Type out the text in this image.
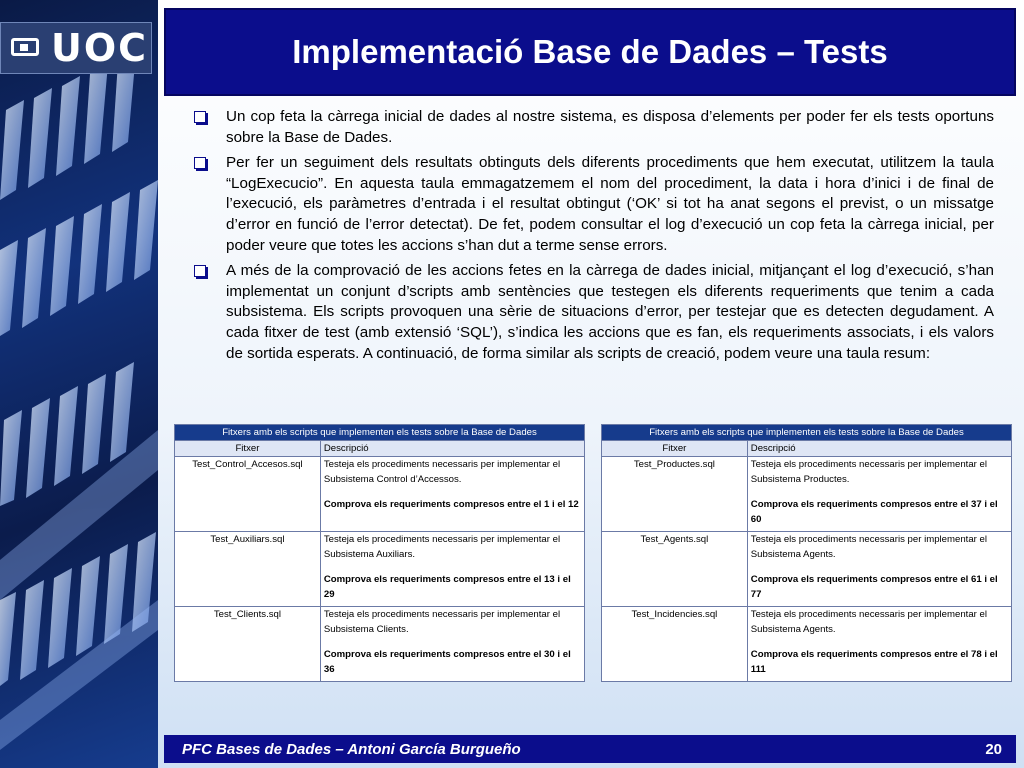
UOC	Implementació Base de Dades – Tests

Un cop feta la càrrega inicial de dades al nostre sistema, es disposa d’elements per poder fer els tests oportuns sobre la Base de Dades.

Per fer un seguiment dels resultats obtinguts dels diferents procediments que hem executat, utilitzem la taula “LogExecucio”. En aquesta taula emmagatzemem el nom del procediment, la data i hora d’inici i de final de l’execució, els paràmetres d’entrada i el resultat obtingut (‘OK’ si tot ha anat segons el previst, o un missatge d’error en funció de l’error detectat). De fet, podem consultar el log d’execució un cop feta la càrrega inicial, per poder veure que totes les accions s’han dut a terme sense errors.

A més de la comprovació de les accions fetes en la càrrega de dades inicial, mitjançant el log d’execució, s’han implementat un conjunt d’scripts amb sentències que testegen els diferents requeriments que tenim a cada subsistema. Els scripts provoquen una sèrie de situacions d’error, per testejar que es detecten degudament. A cada fitxer de test (amb extensió ‘SQL’), s’indica les accions que es fan, els requeriments associats, i els valors de sortida esperats. A continuació, de forma similar als scripts de creació, podem veure una taula resum:

Fitxers amb els scripts que implementen els tests sobre la Base de Dades	
Fitxer	Descripció
Test_Control_Accesos.sql	Testeja els procediments necessaris per implementar el Subsistema Control d’Accessos.
Comprova els requeriments compresos entre el 1 i el 12

Test_Auxiliars.sql	Testeja els procediments necessaris per implementar el Subsistema Auxiliars.
Comprova els requeriments compresos entre el 13 i el 29

Test_Clients.sql	Testeja els procediments necessaris per implementar el Subsistema Clients.
Comprova els requeriments compresos entre el 30 i el 36
Fitxers amb els scripts que implementen els tests sobre la Base de Dades	
Fitxer	Descripció
Test_Productes.sql	Testeja els procediments necessaris per implementar el Subsistema Productes.
Comprova els requeriments compresos entre el 37 i el 60

Test_Agents.sql	Testeja els procediments necessaris per implementar el Subsistema Agents.
Comprova els requeriments compresos entre el 61 i el 77

Test_Incidencies.sql	Testeja els procediments necessaris per implementar el Subsistema Agents.
Comprova els requeriments compresos entre el 78 i el 111
PFC Bases de Dades – Antoni García Burgueño	20
